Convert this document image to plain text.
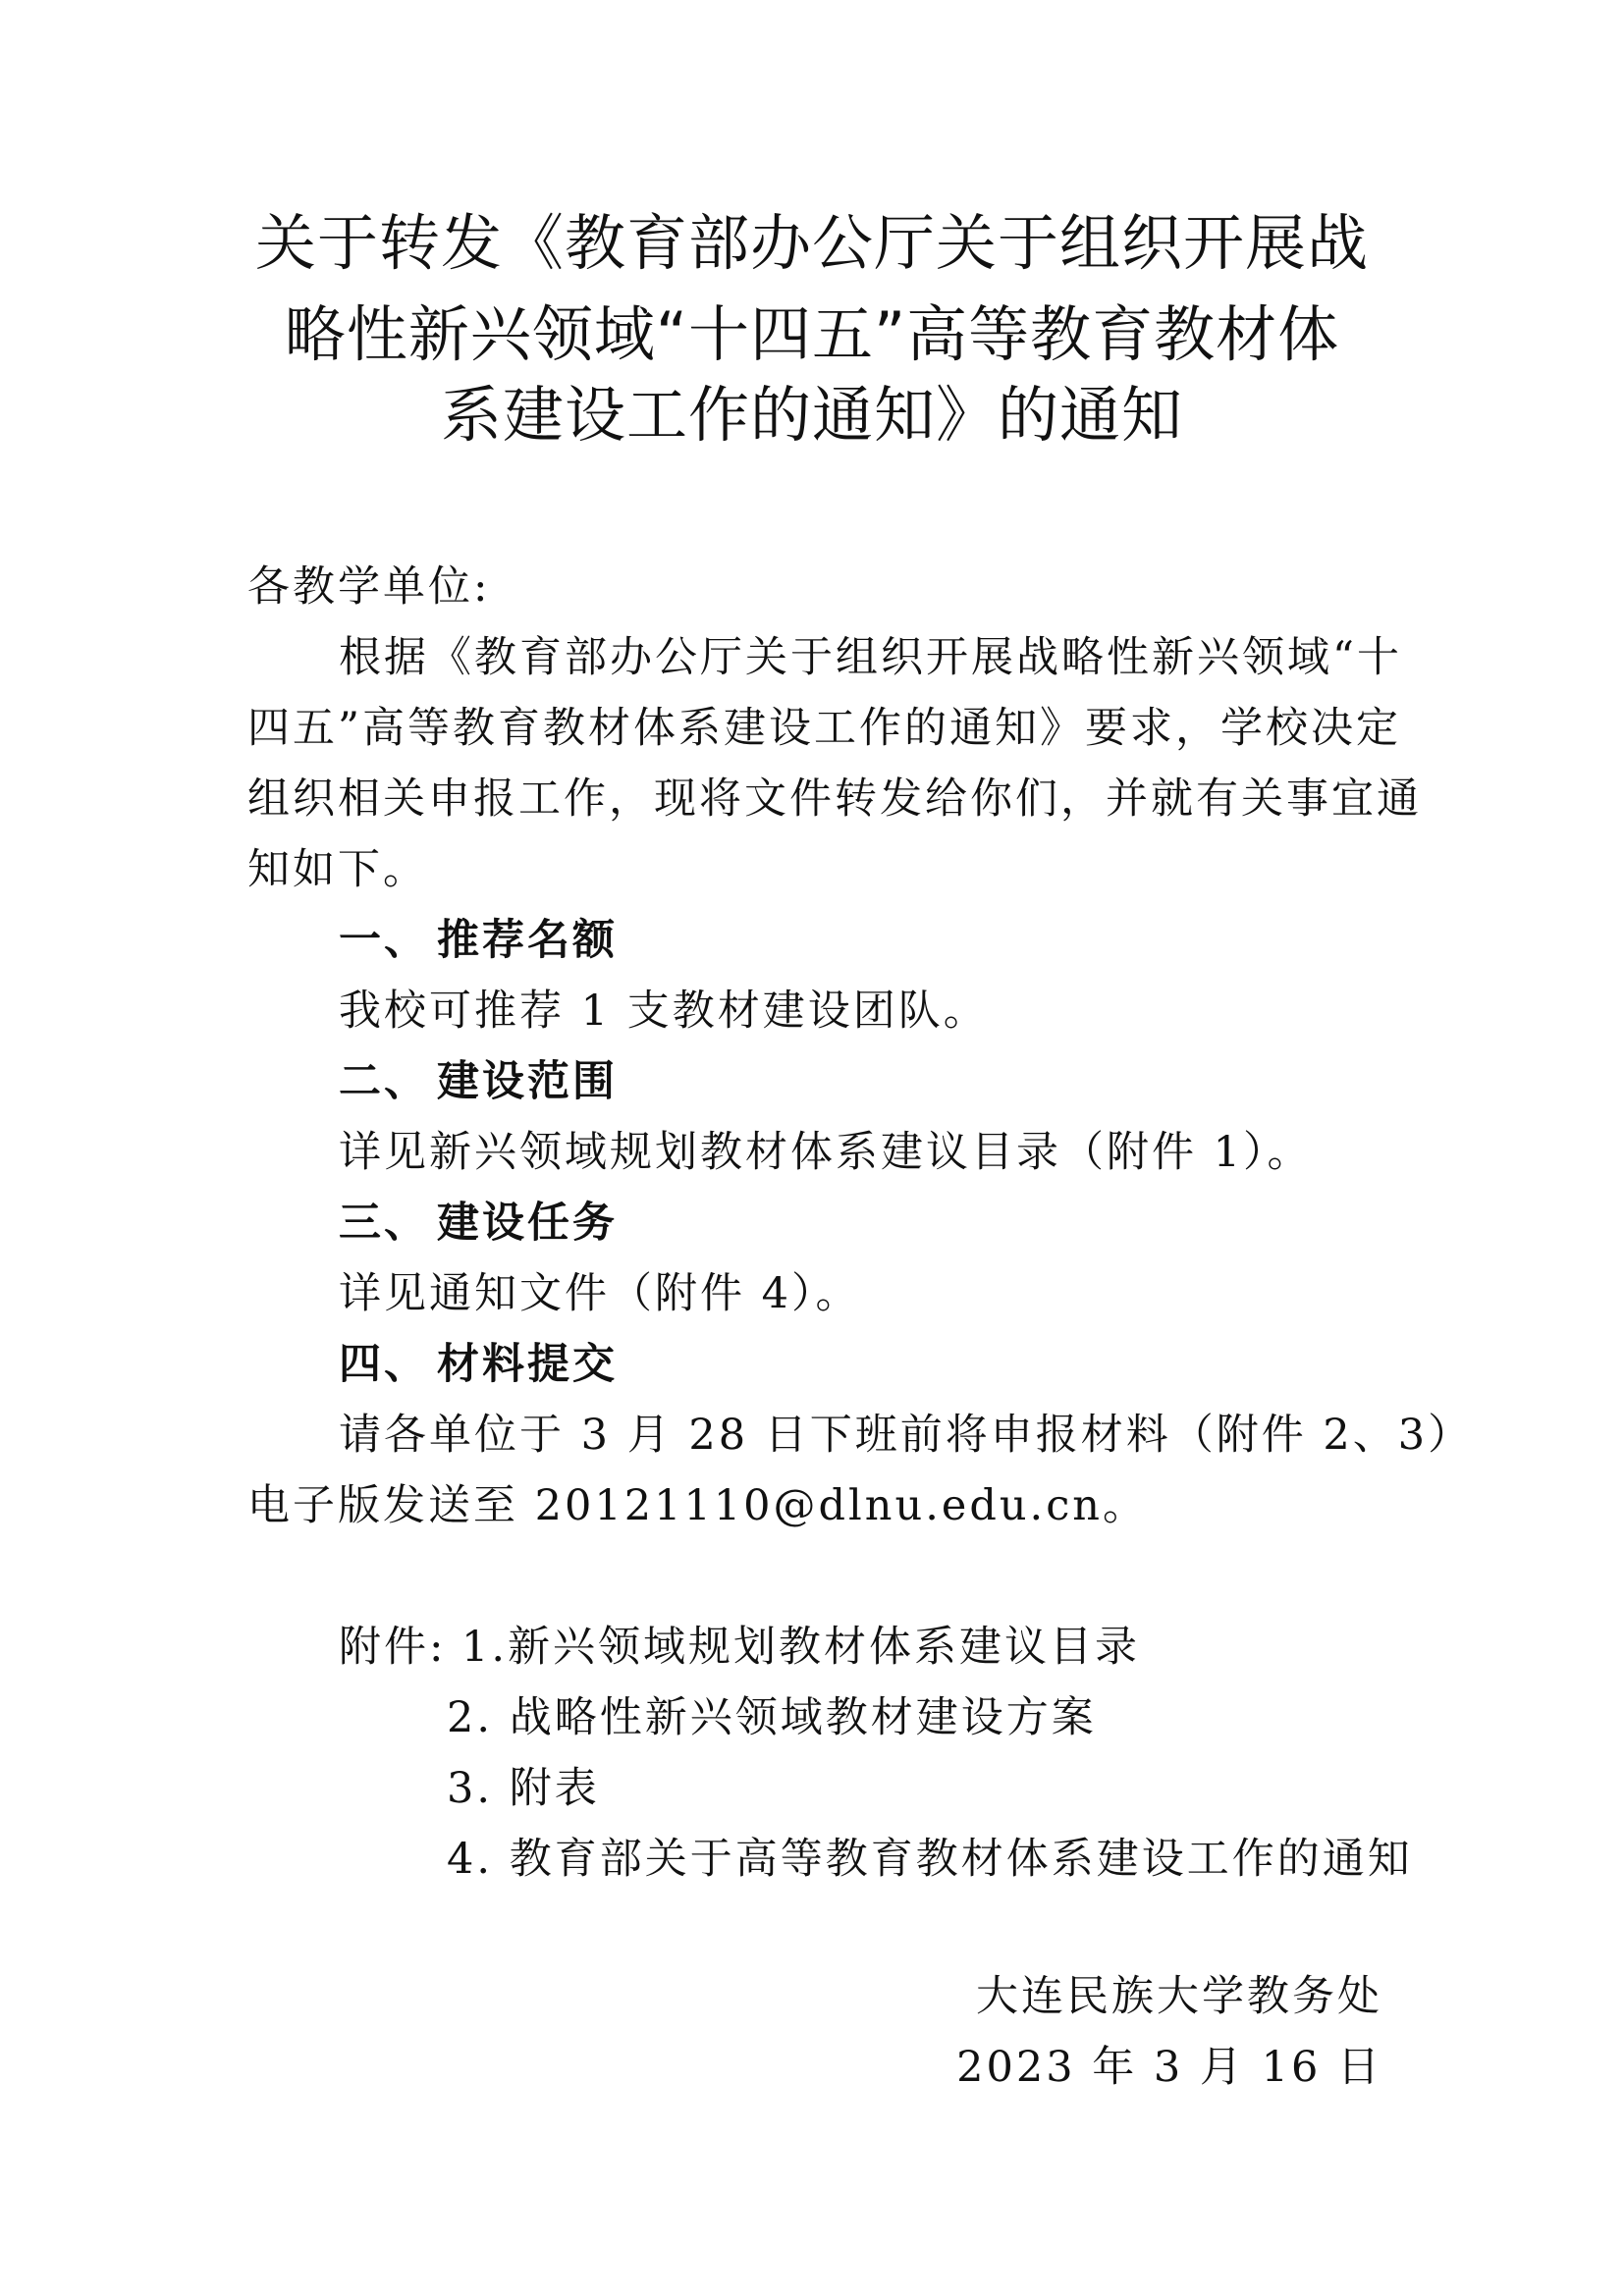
关于转发《教育部办公厅关于组织开展战
略性新兴领域“十四五”高等教育教材体
系建设工作的通知》的通知
各教学单位:
根据《教育部办公厅关于组织开展战略性新兴领域“十
四五”高等教育教材体系建设工作的通知》要求，学校决定
组织相关申报工作，现将文件转发给你们，并就有关事宜通
知如下。
一、 推荐名额
我校可推荐 1 支教材建设团队。
二、 建设范围
详见新兴领域规划教材体系建议目录（附件 1）。
三、 建设任务
详见通知文件（附件 4）。
四、 材料提交
请各单位于 3 月 28 日下班前将申报材料（附件 2、3）
电子版发送至 20121110@dlnu.edu.cn。
附件: 1.新兴领域规划教材体系建议目录
2. 战略性新兴领域教材建设方案
3. 附表
4. 教育部关于高等教育教材体系建设工作的通知
大连民族大学教务处
2023 年 3 月 16 日
